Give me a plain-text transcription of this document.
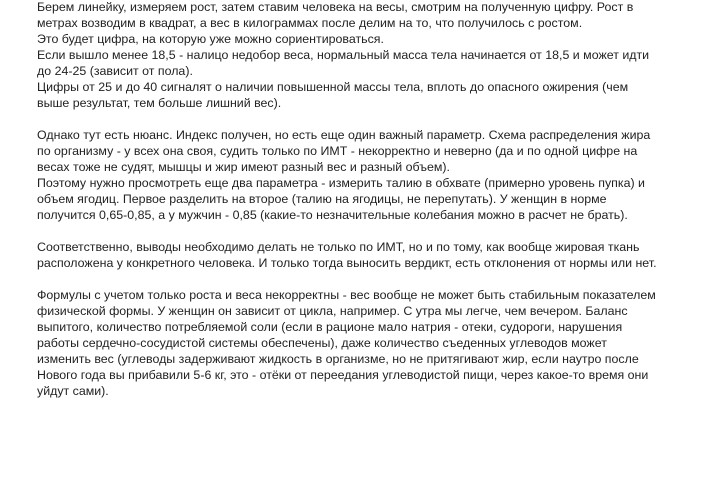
Берем линейку, измеряем рост, затем ставим человека на весы, смотрим на полученную цифру. Рост в
метрах возводим в квадрат, а вес в килограммах после делим на то, что получилось с ростом.
Это будет цифра, на которую уже можно сориентироваться.
Если вышло менее 18,5 - налицо недобор веса, нормальный масса тела начинается от 18,5 и может идти
до 24-25 (зависит от пола).
Цифры от 25 и до 40 сигналят о наличии повышенной массы тела, вплоть до опасного ожирения (чем
выше результат, тем больше лишний вес).
Однако тут есть нюанс. Индекс получен, но есть еще один важный параметр. Схема распределения жира
по организму - у всех она своя, судить только по ИМТ - некорректно и неверно (да и по одной цифре на
весах тоже не судят, мышцы и жир имеют разный вес и разный объем).
Поэтому нужно просмотреть еще два параметра - измерить талию в обхвате (примерно уровень пупка) и
объем ягодиц. Первое разделить на второе (талию на ягодицы, не перепутать). У женщин в норме
получится 0,65-0,85, а у мужчин - 0,85 (какие-то незначительные колебания можно в расчет не брать).
Соответственно, выводы необходимо делать не только по ИМТ, но и по тому, как вообще жировая ткань
расположена у конкретного человека. И только тогда выносить вердикт, есть отклонения от нормы или нет.
Формулы с учетом только роста и веса некорректны - вес вообще не может быть стабильным показателем
физической формы. У женщин он зависит от цикла, например. С утра мы легче, чем вечером. Баланс
выпитого, количество потребляемой соли (если в рационе мало натрия - отеки, судороги, нарушения
работы сердечно-сосудистой системы обеспечены), даже количество съеденных углеводов может
изменить вес (углеводы задерживают жидкость в организме, но не притягивают жир, если наутро после
Нового года вы прибавили 5-6 кг, это - отёки от переедания углеводистой пищи, через какое-то время они
уйдут сами).
